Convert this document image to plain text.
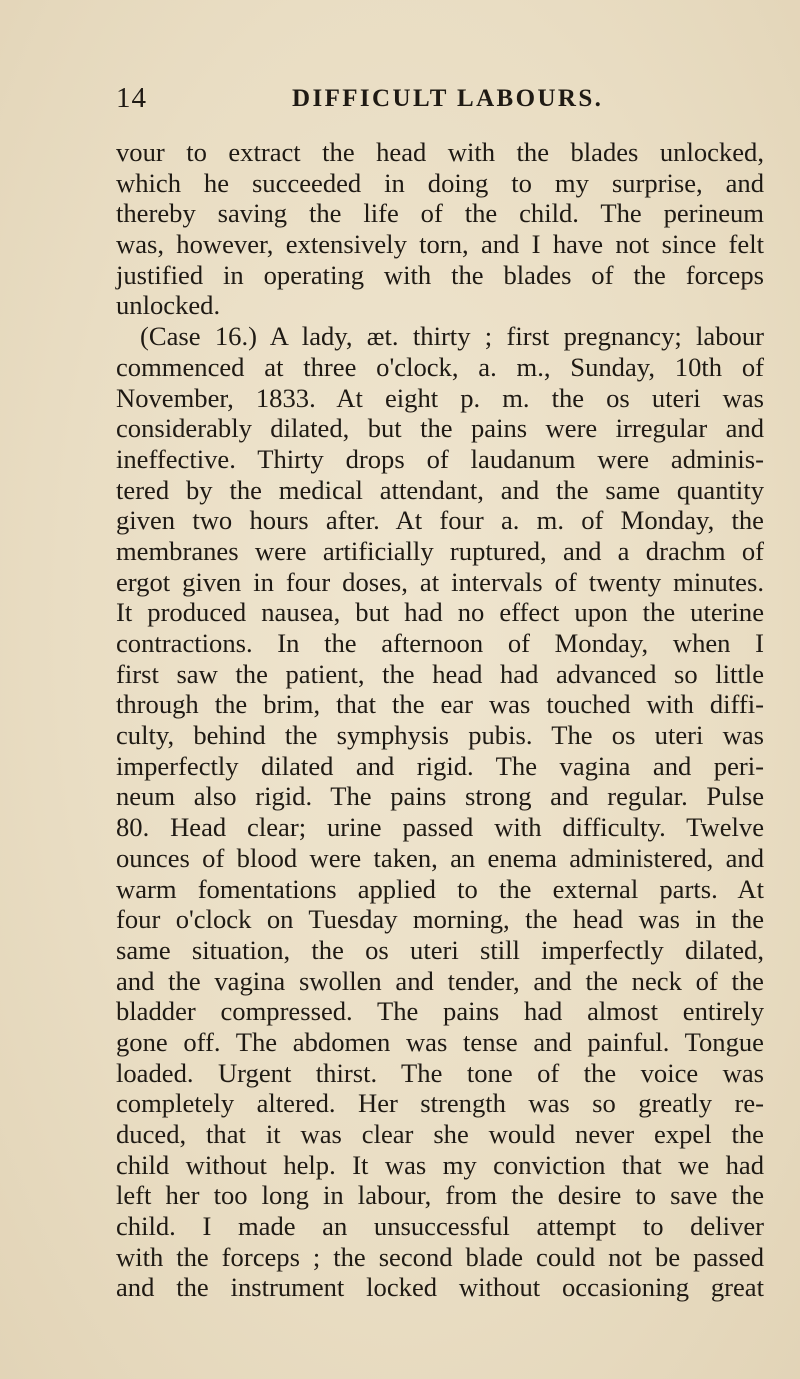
14	DIFFICULT LABOURS.
vour to extract the head with the blades unlocked,
which he succeeded in doing to my surprise, and
thereby saving the life of the child. The perineum
was, however, extensively torn, and I have not since felt
justified in operating with the blades of the forceps
unlocked.
(Case 16.) A lady, æt. thirty ; first pregnancy; labour
commenced at three o'clock, a. m., Sunday, 10th of
November, 1833. At eight p. m. the os uteri was
considerably dilated, but the pains were irregular and
ineffective. Thirty drops of laudanum were adminis-
tered by the medical attendant, and the same quantity
given two hours after. At four a. m. of Monday, the
membranes were artificially ruptured, and a drachm of
ergot given in four doses, at intervals of twenty minutes.
It produced nausea, but had no effect upon the uterine
contractions. In the afternoon of Monday, when I
first saw the patient, the head had advanced so little
through the brim, that the ear was touched with diffi-
culty, behind the symphysis pubis. The os uteri was
imperfectly dilated and rigid. The vagina and peri-
neum also rigid. The pains strong and regular. Pulse
80. Head clear; urine passed with difficulty. Twelve
ounces of blood were taken, an enema administered, and
warm fomentations applied to the external parts. At
four o'clock on Tuesday morning, the head was in the
same situation, the os uteri still imperfectly dilated,
and the vagina swollen and tender, and the neck of the
bladder compressed. The pains had almost entirely
gone off. The abdomen was tense and painful. Tongue
loaded. Urgent thirst. The tone of the voice was
completely altered. Her strength was so greatly re-
duced, that it was clear she would never expel the
child without help. It was my conviction that we had
left her too long in labour, from the desire to save the
child. I made an unsuccessful attempt to deliver
with the forceps ; the second blade could not be passed
and the instrument locked without occasioning great
